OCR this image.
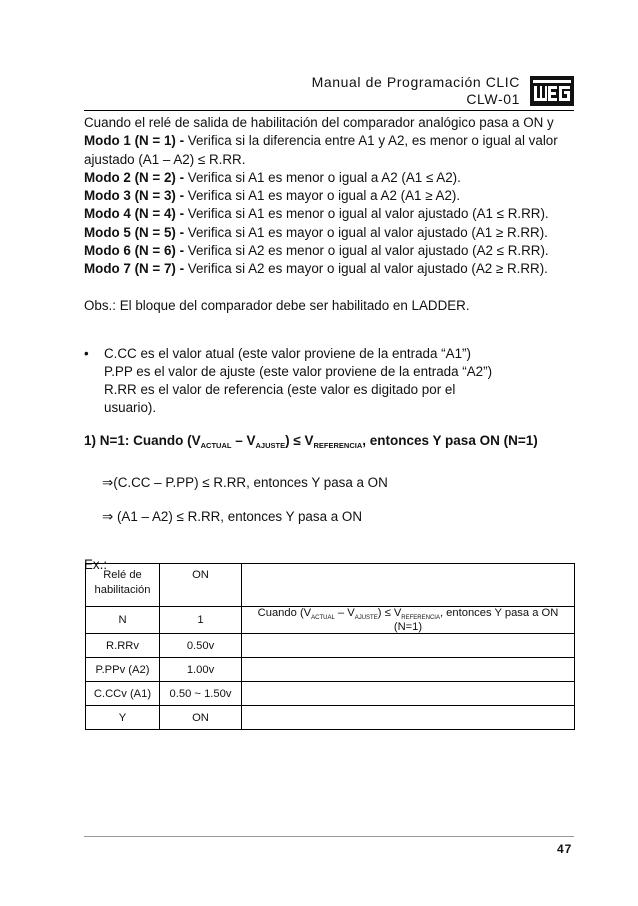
Manual de Programación CLIC
CLW-01

Cuando el relé de salida de habilitación del comparador analógico pasa a ON y
Modo 1 (N = 1) - Verifica si la diferencia entre A1 y A2, es menor o igual al valor
ajustado (A1 – A2) ≤ R.RR.
Modo 2 (N = 2) - Verifica si A1 es menor o igual a A2 (A1 ≤ A2).
Modo 3 (N = 3) - Verifica si A1 es mayor o igual a A2 (A1 ≥ A2).
Modo 4 (N = 4) - Verifica si A1 es menor o igual al valor ajustado (A1 ≤ R.RR).
Modo 5 (N = 5) - Verifica si A1 es mayor o igual al valor ajustado (A1 ≥ R.RR).
Modo 6 (N = 6) - Verifica si A2 es menor o igual al valor ajustado (A2 ≤ R.RR).
Modo 7 (N = 7) - Verifica si A2 es mayor o igual al valor ajustado (A2 ≥ R.RR).

Obs.: El bloque del comparador debe ser habilitado en LADDER.

•	C.CC es el valor atual (este valor proviene de la entrada “A1”)
P.PP es el valor de ajuste (este valor proviene de la entrada “A2”)
R.RR es el valor de referencia (este valor es digitado por el
usuario).
1) N=1: Cuando $(V_{ACTUAL} - V_{AJUSTE}) \le V_{REFERENCIA}$, entonces Y pasa ON (N=1)
⇒(C.CC – P.PP) ≤ R.RR, entonces Y pasa a ON
⇒ (A1 – A2) ≤ R.RR, entonces Y pasa a ON
Ex.:
Relé de habilitación	ON	
N	1	Cuando $(V_{ACTUAL} - V_{AJUSTE}) \le V_{REFERENCIA}$, entonces Y pasa a ON (N=1)
R.RRv	0.50v	
P.PPv (A2)	1.00v	
C.CCv (A1)	0.50 ~ 1.50v	
Y	ON	
47
